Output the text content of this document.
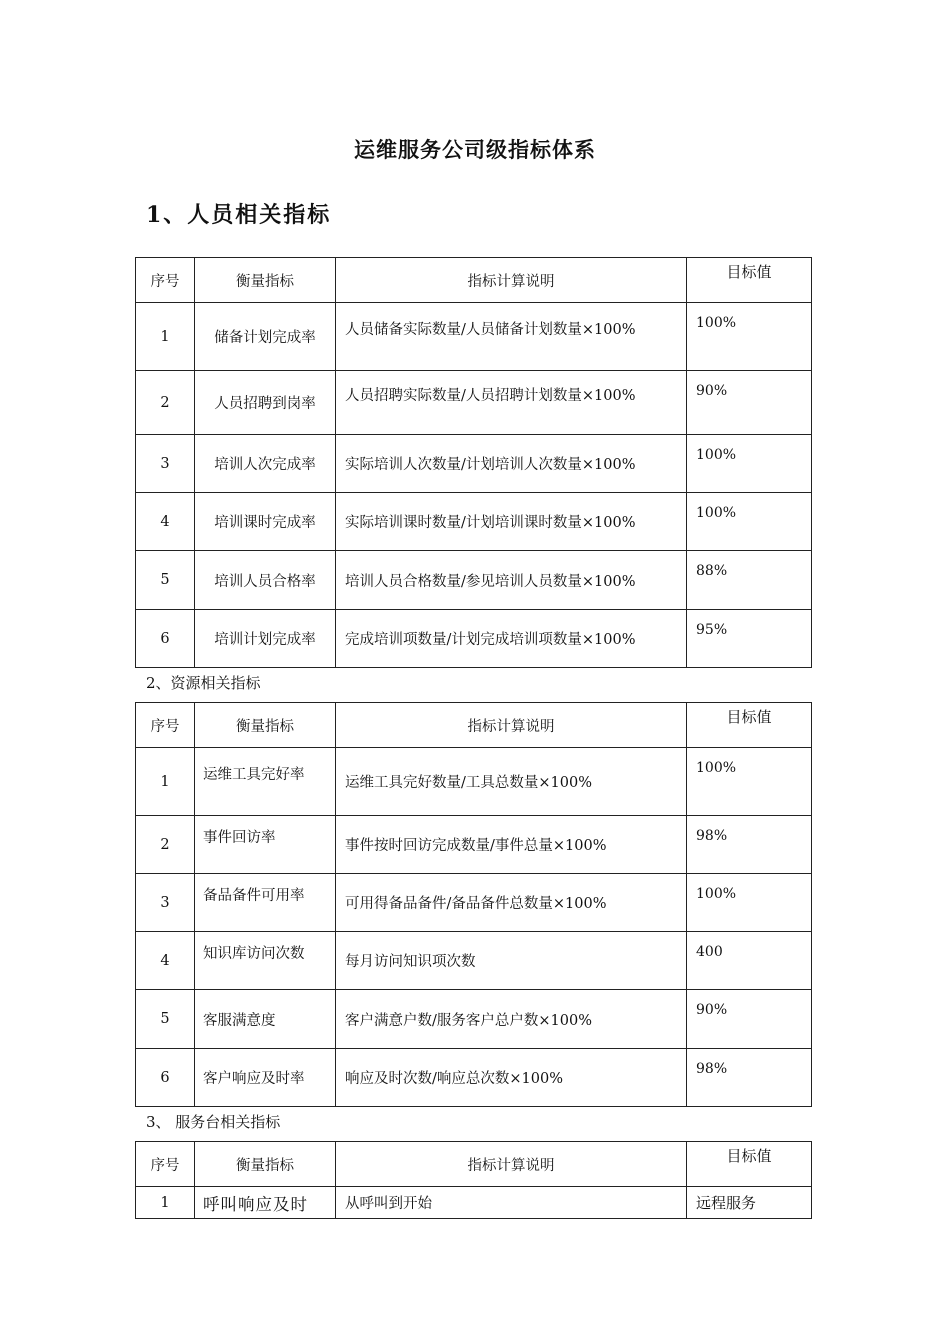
运维服务公司级指标体系
1、人员相关指标
序号	衡量指标	指标计算说明	目标值
1	储备计划完成率	人员储备实际数量/人员储备计划数量×100%	100%
2	人员招聘到岗率	人员招聘实际数量/人员招聘计划数量×100%	90%
3	培训人次完成率	实际培训人次数量/计划培训人次数量×100%	100%
4	培训课时完成率	实际培训课时数量/计划培训课时数量×100%	100%
5	培训人员合格率	培训人员合格数量/参见培训人员数量×100%	88%
6	培训计划完成率	完成培训项数量/计划完成培训项数量×100%	95%

2、资源相关指标

序号	衡量指标	指标计算说明	目标值
1	运维工具完好率	运维工具完好数量/工具总数量×100%	100%
2	事件回访率	事件按时回访完成数量/事件总量×100%	98%
3	备品备件可用率	可用得备品备件/备品备件总数量×100%	100%
4	知识库访问次数	每月访问知识项次数	400
5	客服满意度	客户满意户数/服务客户总户数×100%	90%
6	客户响应及时率	响应及时次数/响应总次数×100%	98%

3、 服务台相关指标

序号	衡量指标	指标计算说明	目标值
1	呼叫响应及时	从呼叫到开始	远程服务
